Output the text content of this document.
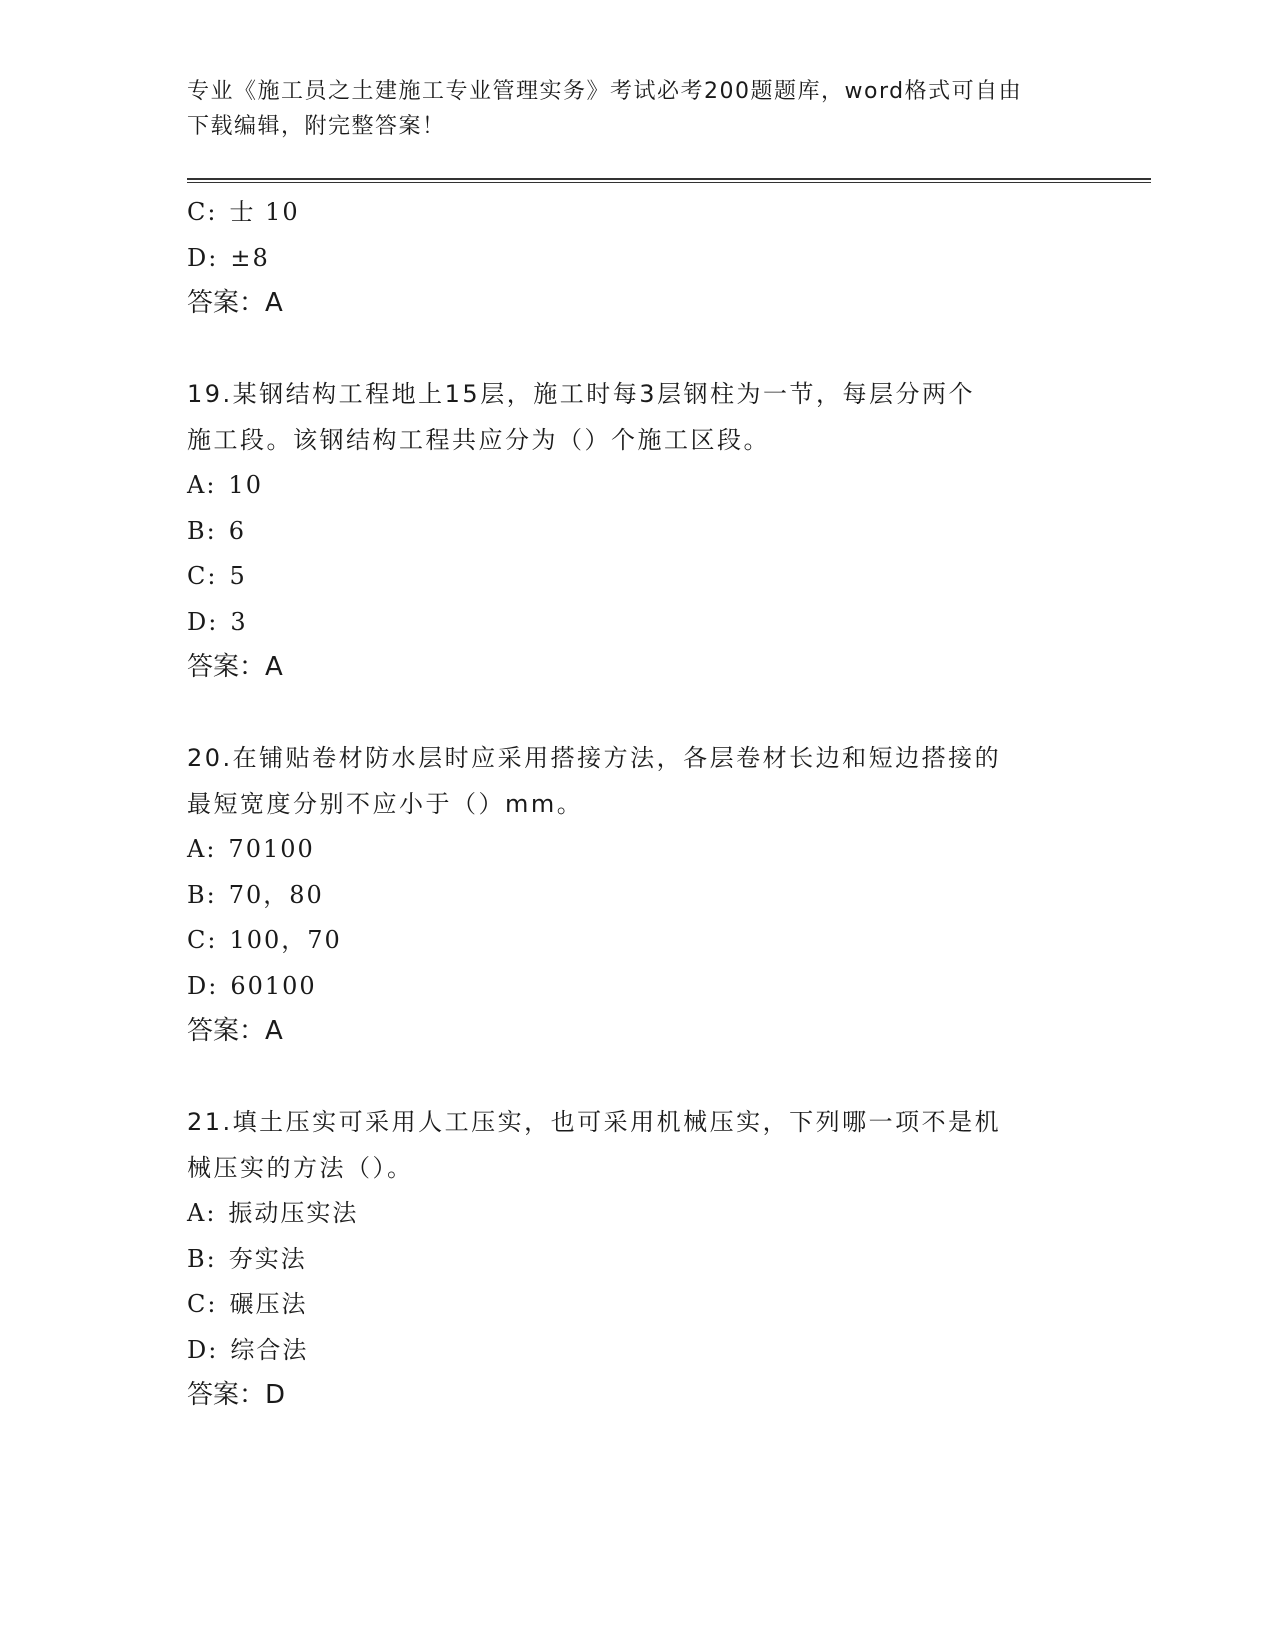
专业《施工员之土建施工专业管理实务》考试必考200题题库，word格式可自由
下载编辑，附完整答案！
C: 士 10
D: ±8
答案：A
19.某钢结构工程地上15层，施工时每3层钢柱为一节，每层分两个
施工段。该钢结构工程共应分为（）个施工区段。
A: 10
B: 6
C: 5
D: 3
答案：A
20.在铺贴卷材防水层时应采用搭接方法，各层卷材长边和短边搭接的
最短宽度分别不应小于（）mm。
A: 70100
B: 70，80
C: 100，70
D: 60100
答案：A
21.填土压实可采用人工压实，也可采用机械压实，下列哪一项不是机
械压实的方法（）。
A: 振动压实法
B: 夯实法
C: 碾压法
D: 综合法
答案：D
